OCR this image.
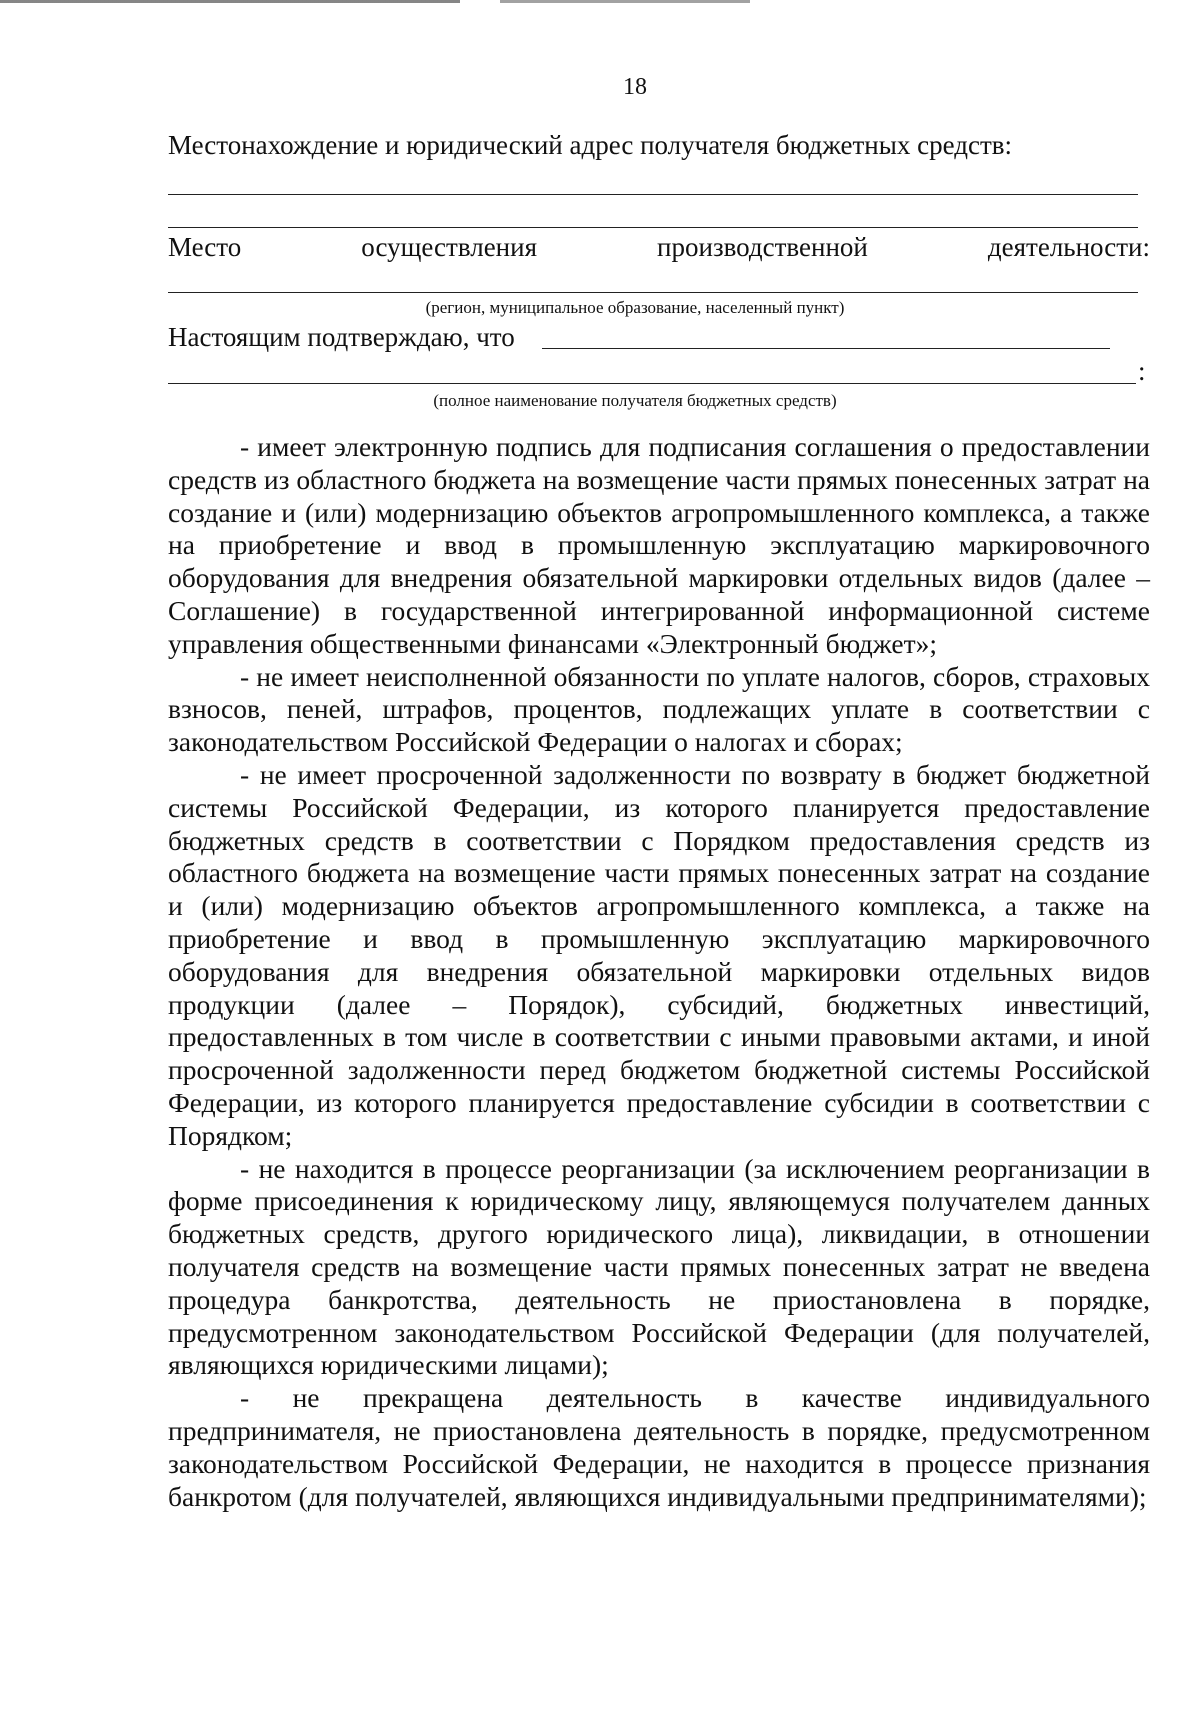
18
Местонахождение и юридический адрес получателя бюджетных средств:
Место	осуществления	производственной	деятельности:
(регион, муниципальное образование, населенный пункт)
Настоящим подтверждаю, что
:
(полное наименование получателя бюджетных средств)

- имеет электронную подпись для подписания соглашения о предоставлении средств из областного бюджета на возмещение части прямых понесенных затрат на создание и (или) модернизацию объектов агропромышленного комплекса, а также на приобретение и ввод в промышленную эксплуатацию маркировочного оборудования для внедрения обязательной маркировки отдельных видов (далее – Соглашение) в государственной интегрированной информационной системе управления общественными финансами «Электронный бюджет»;

- не имеет неисполненной обязанности по уплате налогов, сборов, страховых взносов, пеней, штрафов, процентов, подлежащих уплате в соответствии с законодательством Российской Федерации о налогах и сборах;

- не имеет просроченной задолженности по возврату в бюджет бюджетной системы Российской Федерации, из которого планируется предоставление бюджетных средств в соответствии с Порядком предоставления средств из областного бюджета на возмещение части прямых понесенных затрат на создание и (или) модернизацию объектов агропромышленного комплекса, а также на приобретение и ввод в промышленную эксплуатацию маркировочного оборудования для внедрения обязательной маркировки отдельных видов продукции (далее – Порядок), субсидий, бюджетных инвестиций, предоставленных в том числе в соответствии с иными правовыми актами, и иной просроченной задолженности перед бюджетом бюджетной системы Российской Федерации, из которого планируется предоставление субсидии в соответствии с Порядком;

- не находится в процессе реорганизации (за исключением реорганизации в форме присоединения к юридическому лицу, являющемуся получателем данных бюджетных средств, другого юридического лица), ликвидации, в отношении получателя средств на возмещение части прямых понесенных затрат не введена процедура банкротства, деятельность не приостановлена в порядке, предусмотренном законодательством Российской Федерации (для получателей, являющихся юридическими лицами);

- не прекращена деятельность в качестве индивидуального предпринимателя, не приостановлена деятельность в порядке, предусмотренном законодательством Российской Федерации, не находится в процессе признания банкротом (для получателей, являющихся индивидуальными предпринимателями);
